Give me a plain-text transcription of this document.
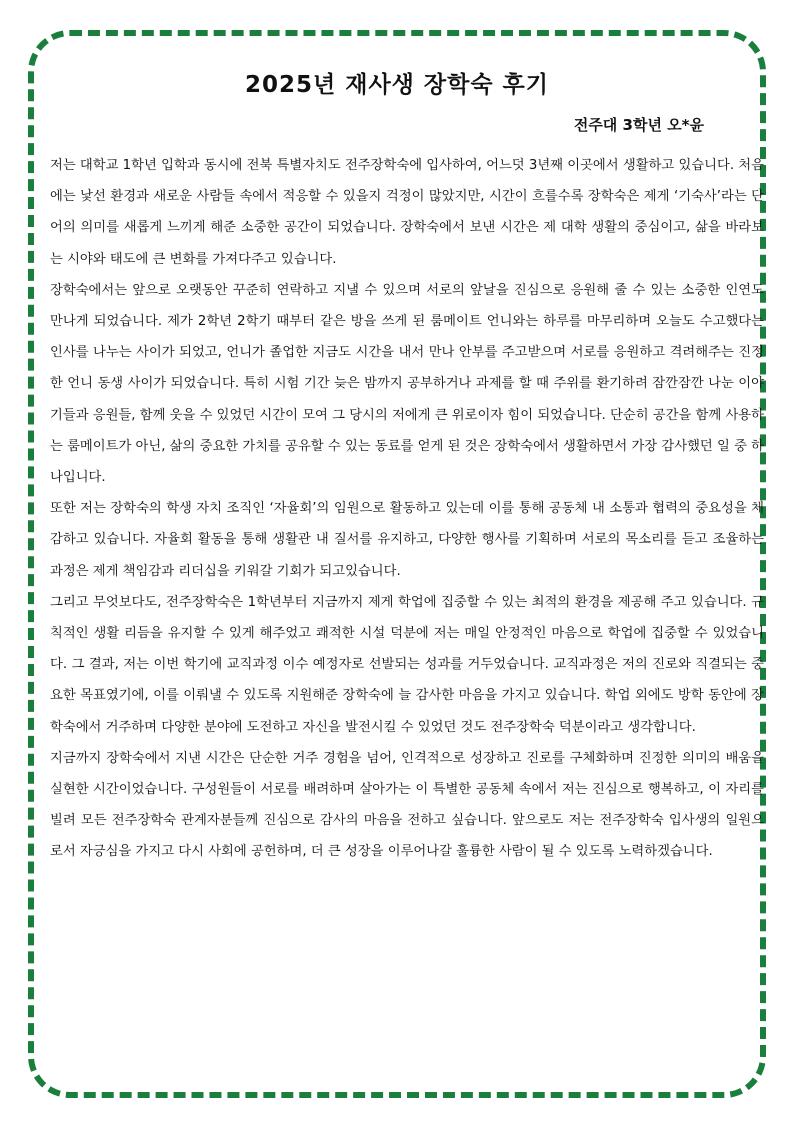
2025년 재사생 장학숙 후기
전주대 3학년 오*윤

저는 대학교 1학년 입학과 동시에 전북 특별자치도 전주장학숙에 입사하여, 어느덧 3년째 이곳에서 생활하고 있습니다. 처음에는 낯선 환경과 새로운 사람들 속에서 적응할 수 있을지 걱정이 많았지만, 시간이 흐를수록 장학숙은 제게 ‘기숙사’라는 단어의 의미를 새롭게 느끼게 해준 소중한 공간이 되었습니다. 장학숙에서 보낸 시간은 제 대학 생활의 중심이고, 삶을 바라보는 시야와 태도에 큰 변화를 가져다주고 있습니다.

장학숙에서는 앞으로 오랫동안 꾸준히 연락하고 지낼 수 있으며 서로의 앞날을 진심으로 응원해 줄 수 있는 소중한 인연도 만나게 되었습니다. 제가 2학년 2학기 때부터 같은 방을 쓰게 된 룸메이트 언니와는 하루를 마무리하며 오늘도 수고했다는 인사를 나누는 사이가 되었고, 언니가 졸업한 지금도 시간을 내서 만나 안부를 주고받으며 서로를 응원하고 격려해주는 진정한 언니 동생 사이가 되었습니다. 특히 시험 기간 늦은 밤까지 공부하거나 과제를 할 때 주위를 환기하려 잠깐잠깐 나눈 이야기들과 응원들, 함께 웃을 수 있었던 시간이 모여 그 당시의 저에게 큰 위로이자 힘이 되었습니다. 단순히 공간을 함께 사용하는 룸메이트가 아닌, 삶의 중요한 가치를 공유할 수 있는 동료를 얻게 된 것은 장학숙에서 생활하면서 가장 감사했던 일 중 하나입니다.

또한 저는 장학숙의 학생 자치 조직인 ‘자율회’의 임원으로 활동하고 있는데 이를 통해 공동체 내 소통과 협력의 중요성을 체감하고 있습니다. 자율회 활동을 통해 생활관 내 질서를 유지하고, 다양한 행사를 기획하며 서로의 목소리를 듣고 조율하는 과정은 제게 책임감과 리더십을 키워갈 기회가 되고있습니다.

그리고 무엇보다도, 전주장학숙은 1학년부터 지금까지 제게 학업에 집중할 수 있는 최적의 환경을 제공해 주고 있습니다. 규칙적인 생활 리듬을 유지할 수 있게 해주었고 쾌적한 시설 덕분에 저는 매일 안정적인 마음으로 학업에 집중할 수 있었습니다. 그 결과, 저는 이번 학기에 교직과정 이수 예정자로 선발되는 성과를 거두었습니다. 교직과정은 저의 진로와 직결되는 중요한 목표였기에, 이를 이뤄낼 수 있도록 지원해준 장학숙에 늘 감사한 마음을 가지고 있습니다. 학업 외에도 방학 동안에 장학숙에서 거주하며 다양한 분야에 도전하고 자신을 발전시킬 수 있었던 것도 전주장학숙 덕분이라고 생각합니다.

지금까지 장학숙에서 지낸 시간은 단순한 거주 경험을 넘어, 인격적으로 성장하고 진로를 구체화하며 진정한 의미의 배움을 실현한 시간이었습니다. 구성원들이 서로를 배려하며 살아가는 이 특별한 공동체 속에서 저는 진심으로 행복하고, 이 자리를 빌려 모든 전주장학숙 관계자분들께 진심으로 감사의 마음을 전하고 싶습니다. 앞으로도 저는 전주장학숙 입사생의 일원으로서 자긍심을 가지고 다시 사회에 공헌하며, 더 큰 성장을 이루어나갈 훌륭한 사람이 될 수 있도록 노력하겠습니다.
